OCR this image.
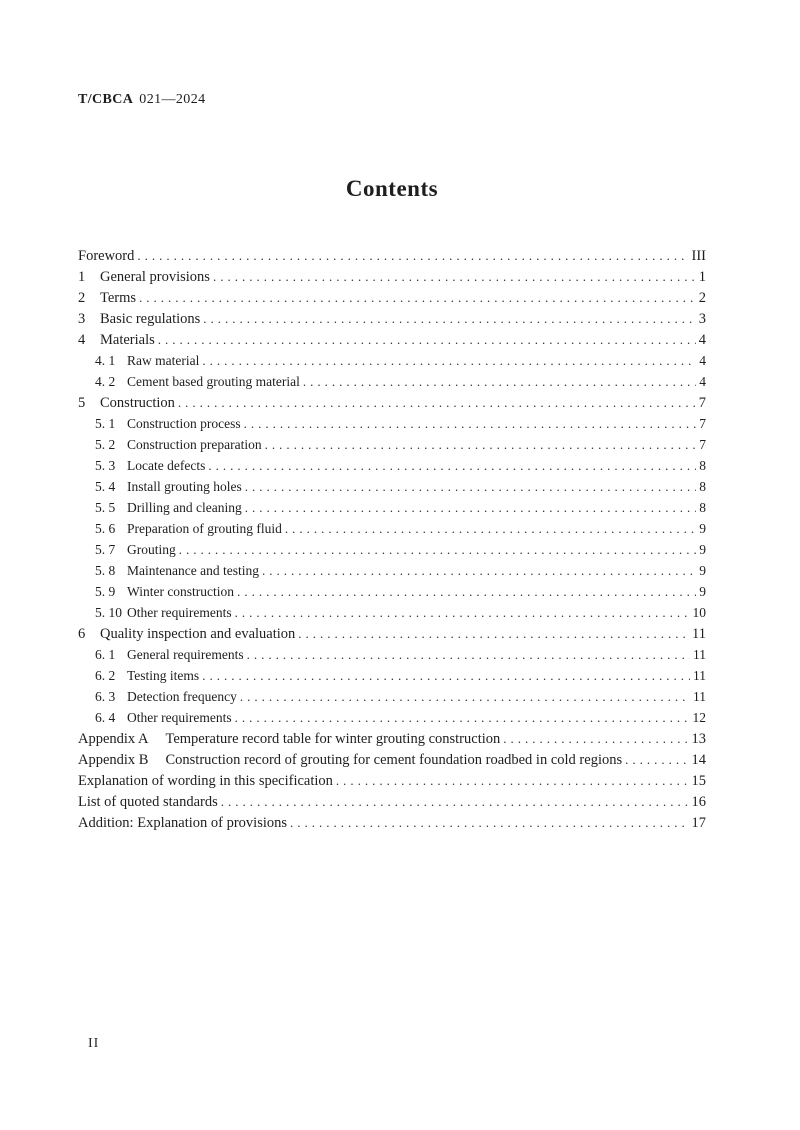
T/CBCA 021—2024
Contents
Foreword .....	III
1	General provisions .....	1
2	Terms .....	2
3	Basic regulations .....	3
4	Materials .....	4
4. 1 Raw material .....	4
4. 2 Cement based grouting material .....	4
5	Construction .....	7
5. 1 Construction process .....	7
5. 2 Construction preparation .....	7
5. 3 Locate defects .....	8
5. 4 Install grouting holes .....	8
5. 5 Drilling and cleaning .....	8
5. 6 Preparation of grouting fluid .....	9
5. 7 Grouting .....	9
5. 8 Maintenance and testing .....	9
5. 9 Winter construction .....	9
5. 10 Other requirements .....	10
6	Quality inspection and evaluation .....	11
6. 1 General requirements .....	11
6. 2 Testing items .....	11
6. 3 Detection frequency .....	11
6. 4 Other requirements .....	12
Appendix A Temperature record table for winter grouting construction .....	13
Appendix B Construction record of grouting for cement foundation roadbed in cold regions .....	14
Explanation of wording in this specification .....	15
List of quoted standards .....	16
Addition: Explanation of provisions .....	17
II
